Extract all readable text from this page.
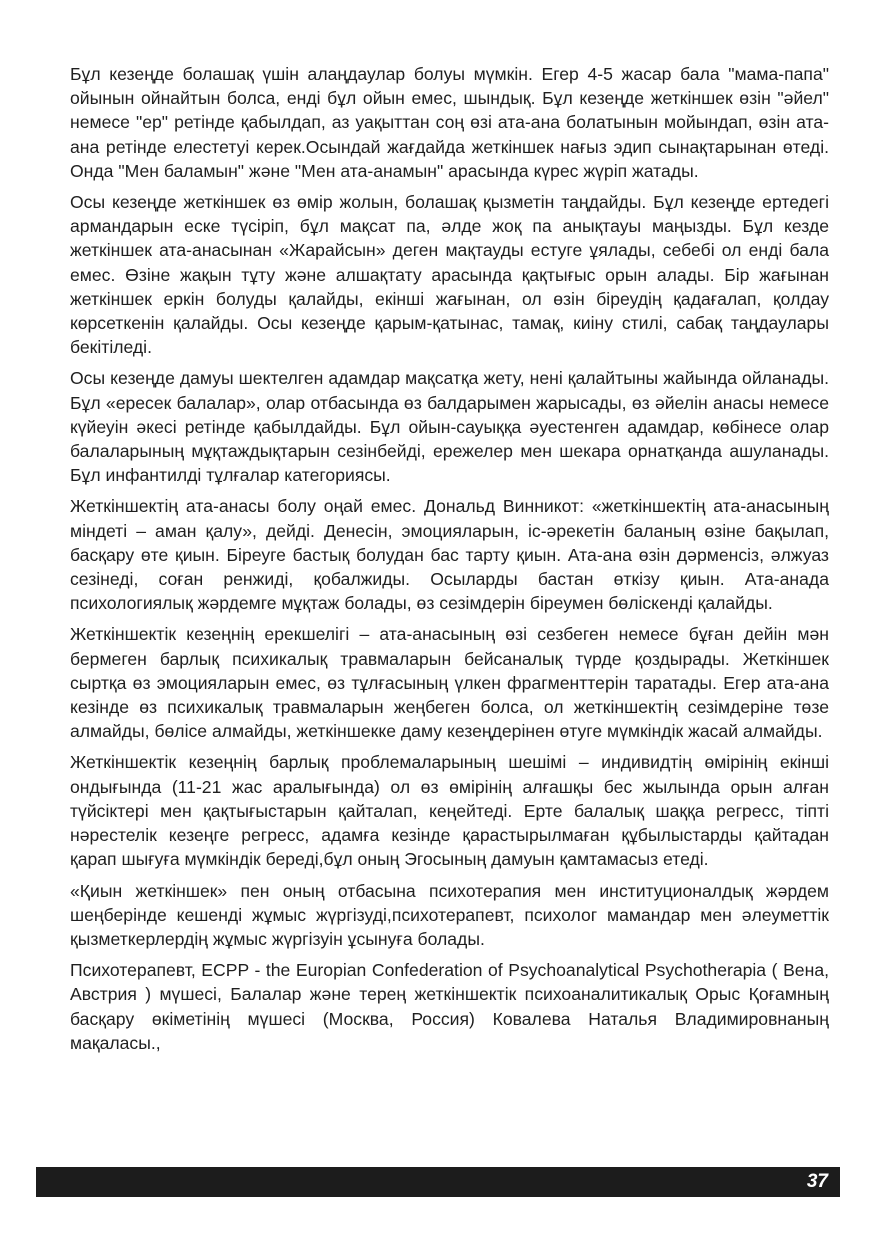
Бұл кезеңде болашақ үшін алаңдаулар болуы мүмкін. Егер 4-5 жасар бала "мама-папа" ойынын ойнайтын болса, енді бұл ойын емес, шындық. Бұл кезеңде жеткіншек өзін "әйел" немесе "ер" ретінде қабылдап, аз уақыттан соң өзі ата-ана болатынын мойындап, өзін ата-ана ретінде елестетуі керек.Осындай жағдайда жеткіншек нағыз эдип сынақтарынан өтеді. Онда "Мен баламын" және "Мен ата-анамын" арасында күрес жүріп жатады.

Осы кезеңде жеткіншек өз өмір жолын, болашақ қызметін таңдайды. Бұл кезеңде ертедегі армандарын еске түсіріп, бұл мақсат па, әлде жоқ па анықтауы маңызды. Бұл кезде жеткіншек ата-анасынан «Жарайсын» деген мақтауды естуге ұялады, себебі ол енді бала емес. Өзіне жақын тұту және алшақтату арасында қақтығыс орын алады. Бір жағынан жеткіншек еркін болуды қалайды, екінші жағынан, ол өзін біреудің қадағалап, қолдау көрсеткенін қалайды. Осы кезеңде қарым-қатынас, тамақ, киіну стилі, сабақ таңдаулары бекітіледі.

Осы кезеңде дамуы шектелген адамдар мақсатқа жету, нені қалайтыны жайында ойланады. Бұл «ересек балалар», олар отбасында өз балдарымен жарысады, өз әйелін анасы немесе күйеуін әкесі ретінде қабылдайды. Бұл ойын-сауыққа әуестенген адамдар, көбінесе олар балаларының мұқтаждықтарын сезінбейді, ережелер мен шекара орнатқанда ашуланады. Бұл инфантилді тұлғалар категориясы.

Жеткіншектің ата-анасы болу оңай емес. Дональд Винникот: «жеткіншектің ата-анасының міндеті – аман қалу», дейді. Денесін, эмоцияларын, іс-әрекетін баланың өзіне бақылап, басқару өте қиын. Біреуге бастық болудан бас тарту қиын. Ата-ана өзін дәрменсіз, әлжуаз сезінеді, соған ренжиді, қобалжиды. Осыларды бастан өткізу қиын. Ата-анада психологиялық жәрдемге мұқтаж болады, өз сезімдерін біреумен бөліскенді қалайды.

Жеткіншектік кезеңнің ерекшелігі – ата-анасының өзі сезбеген немесе бұған дейін мән бермеген барлық психикалық травмаларын бейсаналық түрде қоздырады. Жеткіншек сыртқа өз эмоцияларын емес, өз тұлғасының үлкен фрагменттерін таратады. Егер ата-ана кезінде өз психикалық травмаларын жеңбеген болса, ол жеткіншектің сезімдеріне төзе алмайды, бөлісе алмайды, жеткіншекке даму кезеңдерінен өтуге мүмкіндік жасай алмайды.

Жеткіншектік кезеңнің барлық проблемаларының шешімі – индивидтің өмірінің екінші ондығында (11-21 жас аралығында) ол өз өмірінің алғашқы бес жылында орын алған түйсіктері мен қақтығыстарын қайталап, кеңейтеді. Ерте балалық шаққа регресс, тіпті нәрестелік кезеңге регресс, адамға кезінде қарастырылмаған құбылыстарды қайтадан қарап шығуға мүмкіндік береді,бұл оның Эгосының дамуын қамтамасыз етеді.

«Қиын жеткіншек» пен оның отбасына психотерапия мен институционалдық жәрдем шеңберінде кешенді жұмыс жүргізуді,психотерапевт, психолог мамандар мен әлеуметтік қызметкерлердің жұмыс жүргізуін ұсынуға болады.

Психотерапевт, ECPP - the Europian Confederation of Psychoanalytical Psychotherapia ( Вена, Австрия ) мүшесі, Балалар және терең жеткіншектік психоаналитикалық Орыс Қоғамның басқару өкіметінің мүшесі (Москва, Россия) Ковалева Наталья Владимировнаның мақаласы.,

37
